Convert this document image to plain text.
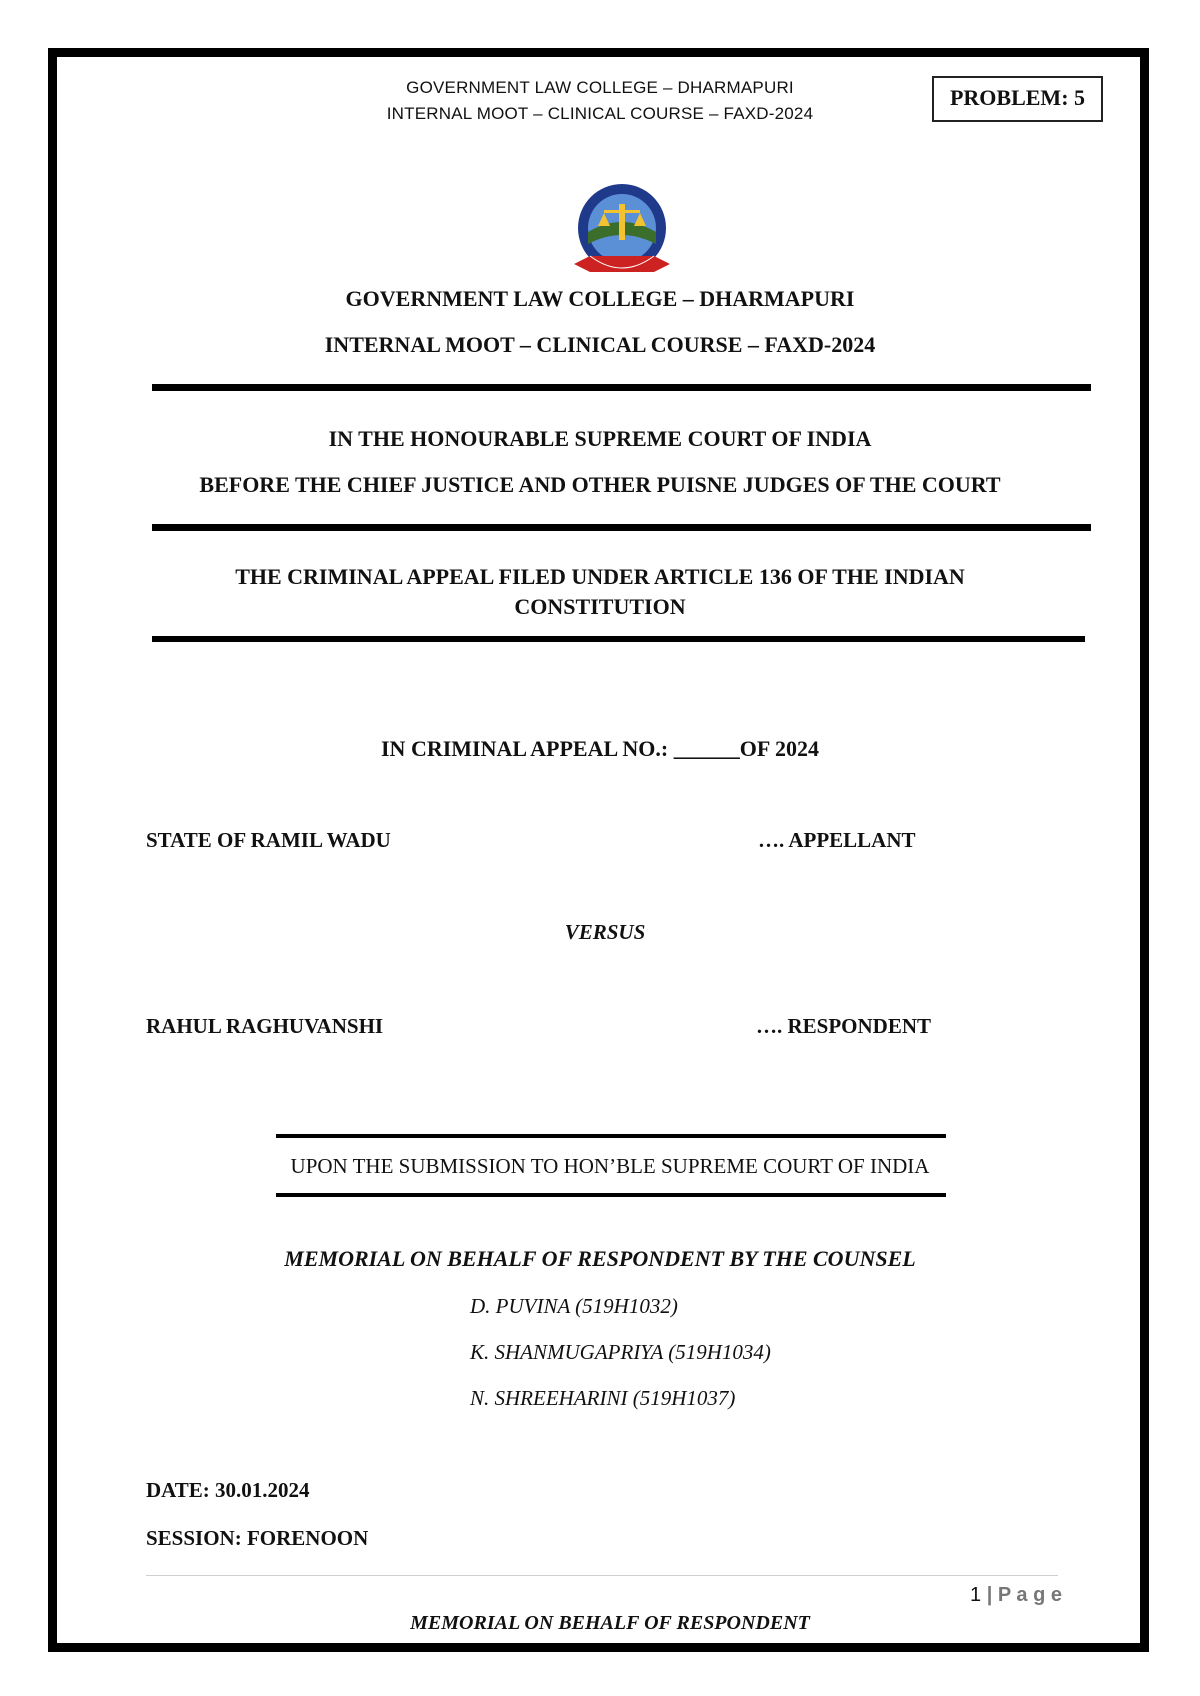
GOVERNMENT LAW COLLEGE – DHARMAPURI
INTERNAL MOOT – CLINICAL COURSE – FAXD-2024
PROBLEM: 5
GOVERNMENT LAW COLLEGE – DHARMAPURI
INTERNAL MOOT – CLINICAL COURSE – FAXD-2024
IN THE HONOURABLE SUPREME COURT OF INDIA
BEFORE THE CHIEF JUSTICE AND OTHER PUISNE JUDGES OF THE COURT
THE CRIMINAL APPEAL FILED UNDER ARTICLE 136 OF THE INDIAN
CONSTITUTION
IN CRIMINAL APPEAL NO.: ______OF 2024
STATE OF RAMIL WADU	…. APPELLANT
VERSUS
RAHUL RAGHUVANSHI	…. RESPONDENT
UPON THE SUBMISSION TO HON’BLE SUPREME COURT OF INDIA
MEMORIAL ON BEHALF OF RESPONDENT BY THE COUNSEL
D. PUVINA (519H1032)
K. SHANMUGAPRIYA (519H1034)
N. SHREEHARINI (519H1037)
DATE: 30.01.2024
SESSION: FORENOON
1 | P a g e
MEMORIAL ON BEHALF OF RESPONDENT
